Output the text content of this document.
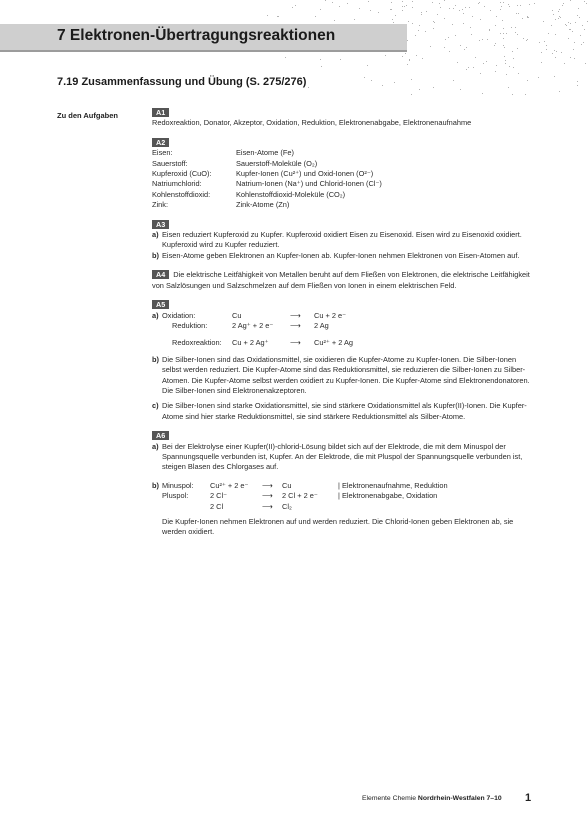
7 Elektronen-Übertragungsreaktionen
7.19 Zusammenfassung und Übung (S. 275/276)
Zu den Aufgaben	A1
Redoxreaktion, Donator, Akzeptor, Oxidation, Reduktion, Elektronenabgabe, Elektronenaufnahme
A2
Eisen:	Eisen-Atome (Fe)
Sauerstoff:	Sauerstoff-Moleküle (O₂)
Kupferoxid (CuO):	Kupfer-Ionen (Cu²⁺) und Oxid-Ionen (O²⁻)
Natriumchlorid:	Natrium-Ionen (Na⁺) und Chlorid-Ionen (Cl⁻)
Kohlenstoffdioxid:	Kohlenstoffdioxid-Moleküle (CO₂)
Zink:	Zink-Atome (Zn)
A3
a) Eisen reduziert Kupferoxid zu Kupfer. Kupferoxid oxidiert Eisen zu Eisenoxid. Eisen wird zu Eisenoxid oxidiert. Kupferoxid wird zu Kupfer reduziert.
b) Eisen-Atome geben Elektronen an Kupfer-Ionen ab. Kupfer-Ionen nehmen Elektronen von Eisen-Atomen auf.
A4 Die elektrische Leitfähigkeit von Metallen beruht auf dem Fließen von Elektronen, die elektrische Leitfähigkeit von Salzlösungen und Salzschmelzen auf dem Fließen von Ionen in einem elektrischen Feld.
A5
a) Oxidation:	Cu	⟶	Cu + 2 e⁻
Reduktion:	2 Ag⁺ + 2 e⁻	⟶	2 Ag

Redoxreaktion:	Cu + 2 Ag⁺	⟶	Cu²⁺ + 2 Ag
b) Die Silber-Ionen sind das Oxidationsmittel, sie oxidieren die Kupfer-Atome zu Kupfer-Ionen. Die Silber-Ionen selbst werden reduziert. Die Kupfer-Atome sind das Reduktionsmittel, sie reduzieren die Silber-Ionen zu Silber-Atomen. Die Kupfer-Atome selbst werden oxidiert zu Kupfer-Ionen. Die Kupfer-Atome sind Elektronendonatoren. Die Silber-Ionen sind Elektronenakzeptoren.
c) Die Silber-Ionen sind starke Oxidationsmittel, sie sind stärkere Oxidationsmittel als Kupfer(II)-Ionen. Die Kupfer-Atome sind hier starke Reduktionsmittel, sie sind stärkere Reduktionsmittel als Silber-Atome.
A6
a) Bei der Elektrolyse einer Kupfer(II)-chlorid-Lösung bildet sich auf der Elektrode, die mit dem Minuspol der Spannungsquelle verbunden ist, Kupfer. An der Elektrode, die mit Pluspol der Spannungsquelle verbunden ist, steigen Blasen des Chlorgases auf.
b) Minuspol:	Cu²⁺ + 2 e⁻	⟶	Cu	| Elektronenaufnahme, Reduktion
Pluspol:	2 Cl⁻	⟶	2 Cl + 2 e⁻	| Elektronenabgabe, Oxidation
	2 Cl	⟶	Cl₂	
Die Kupfer-Ionen nehmen Elektronen auf und werden reduziert. Die Chlorid-Ionen geben Elektronen ab, sie werden oxidiert.
Elemente Chemie Nordrhein-Westfalen 7–10 1
